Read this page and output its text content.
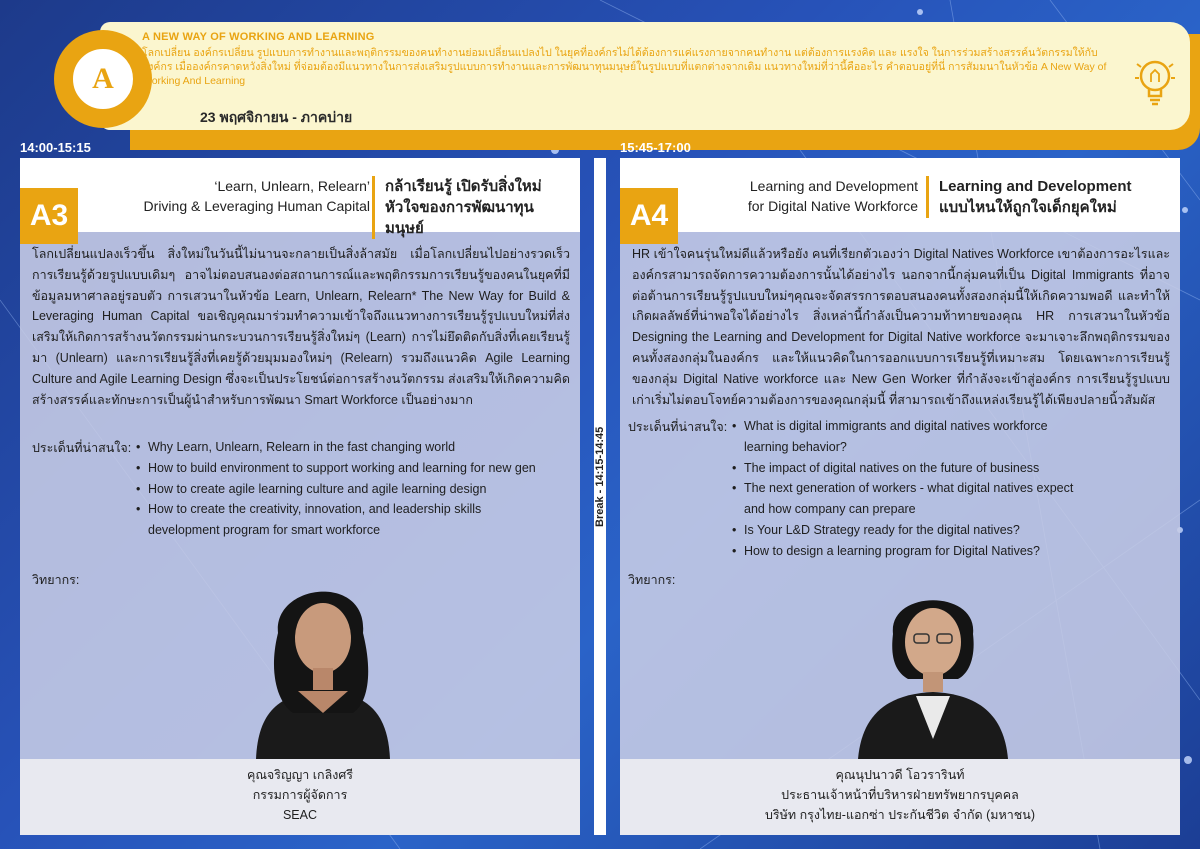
A
A NEW WAY OF WORKING AND LEARNING
โลกเปลี่ยน องค์กรเปลี่ยน รูปแบบการทำงานและพฤติกรรมของคนทำงานย่อมเปลี่ยนแปลงไป ในยุคที่องค์กรไม่ได้ต้องการแค่แรงกายจากคนทำงาน แต่ต้องการแรงคิด และ แรงใจ ในการร่วมสร้างสรรค์นวัตกรรมให้กับองค์กร เมื่อองค์กรคาดหวังสิ่งใหม่ ที่จ่อมต้องมีแนวทางในการส่งเสริมรูปแบบการทำงานและการพัฒนาทุนมนุษย์ในรูปแบบที่แตกต่างจากเดิม แนวทางใหม่ที่ว่านี้คืออะไร คำตอบอยู่ที่นี่ การสัมมนาในหัวข้อ A New Way of Working And Learning
23 พฤศจิกายน - ภาคบ่าย
14:00-15:15
A3
‘Learn, Unlearn, Relearn’
Driving & Leveraging Human Capital
กล้าเรียนรู้ เปิดรับสิ่งใหม่
หัวใจของการพัฒนาทุนมนุษย์
โลกเปลี่ยนแปลงเร็วขึ้น สิ่งใหม่ในวันนี้ไม่นานจะกลายเป็นสิ่งล้าสมัย เมื่อโลกเปลี่ยนไปอย่างรวดเร็วการเรียนรู้ด้วยรูปแบบเดิมๆ อาจไม่ตอบสนองต่อสถานการณ์และพฤติกรรมการเรียนรู้ของคนในยุคที่มีข้อมูลมหาศาลอยู่รอบตัว การเสวนาในหัวข้อ Learn, Unlearn, Relearn* The New Way for Build & Leveraging Human Capital ขอเชิญคุณมาร่วมทำความเข้าใจถึงแนวทางการเรียนรู้รูปแบบใหม่ที่ส่งเสริมให้เกิดการสร้างนวัตกรรมผ่านกระบวนการเรียนรู้สิ่งใหม่ๆ (Learn) การไม่ยึดติดกับสิ่งที่เคยเรียนรู้มา (Unlearn) และการเรียนรู้สิ่งที่เคยรู้ด้วยมุมมองใหม่ๆ (Relearn) รวมถึงแนวคิด Agile Learning Culture and Agile Learning Design ซึ่งจะเป็นประโยชน์ต่อการสร้างนวัตกรรม ส่งเสริมให้เกิดความคิดสร้างสรรค์และทักษะการเป็นผู้นำสำหรับการพัฒนา Smart Workforce เป็นอย่างมาก
ประเด็นที่น่าสนใจ:	• Why Learn, Unlearn, Relearn in the fast changing world
• How to build environment to support working and learning for new gen
• How to create agile learning culture and agile learning design
• How to create the creativity, innovation, and leadership skills development program for smart workforce
วิทยากร:
คุณจริญญา เกลิงศรี
กรรมการผู้จัดการ
SEAC
15:45-17:00
A4
Learning and Development
for Digital Native Workforce
Learning and Development
แบบไหนให้ถูกใจเด็กยุคใหม่
HR เข้าใจคนรุ่นใหม่ดีแล้วหรือยัง คนที่เรียกตัวเองว่า Digital Natives Workforce เขาต้องการอะไรและองค์กรสามารถจัดการความต้องการนั้นได้อย่างไร นอกจากนี้กลุ่มคนที่เป็น Digital Immigrants ที่อาจต่อต้านการเรียนรู้รูปแบบใหม่ๆคุณจะจัดสรรการตอบสนองคนทั้งสองกลุ่มนี้ให้เกิดความพอดี และทำให้เกิดผลลัพธ์ที่น่าพอใจได้อย่างไร สิ่งเหล่านี้กำลังเป็นความท้าทายของคุณ HR การเสวนาในหัวข้อ Designing the Learning and Development for Digital Native workforce จะมาเจาะลึกพฤติกรรมของคนทั้งสองกลุ่มในองค์กร และให้แนวคิดในการออกแบบการเรียนรู้ที่เหมาะสม โดยเฉพาะการเรียนรู้ของกลุ่ม Digital Native workforce และ New Gen Worker ที่กำลังจะเข้าสู่องค์กร การเรียนรู้รูปแบบเก่าเริ่มไม่ตอบโจทย์ความต้องการของคุณกลุ่มนี้ ที่สามารถเข้าถึงแหล่งเรียนรู้ได้เพียงปลายนิ้วสัมผัส
ประเด็นที่น่าสนใจ:	• What is digital immigrants and digital natives workforce learning behavior?
• The impact of digital natives on the future of business
• The next generation of workers - what digital natives expect and how company can prepare
• Is Your L&D Strategy ready for the digital natives?
• How to design a learning program for Digital Natives?
วิทยากร:
คุณนุปนาวดี โอวรารินท์
ประธานเจ้าหน้าที่บริหารฝ่ายทรัพยากรบุคคล
บริษัท กรุงไทย-แอกซ่า ประกันชีวิต จำกัด (มหาชน)
